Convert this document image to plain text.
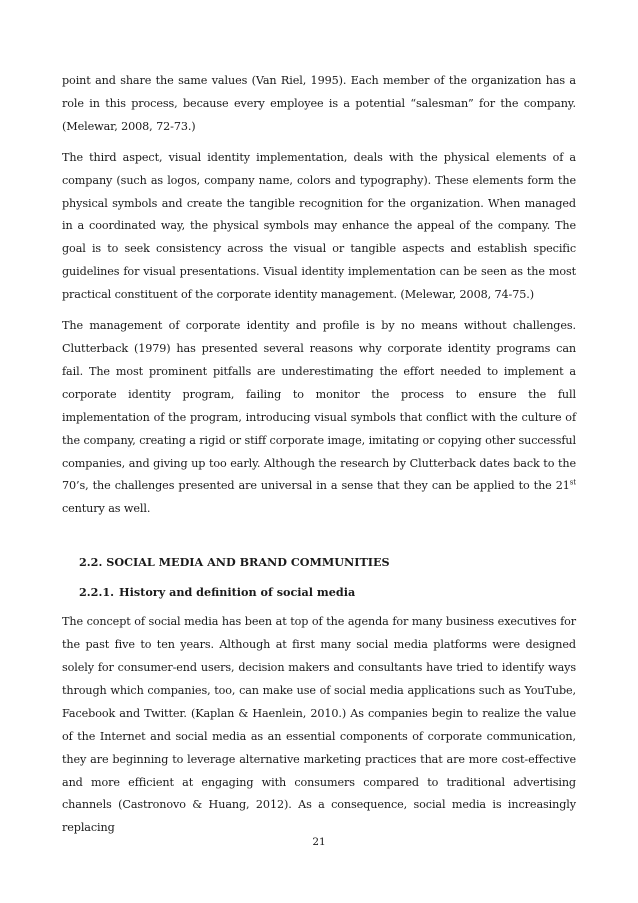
point and share the same values (Van Riel, 1995). Each member of the organization has a role in this process, because every employee is a potential “salesman” for the company. (Melewar, 2008, 72-73.)

The third aspect, visual identity implementation, deals with the physical elements of a company (such as logos, company name, colors and typography). These elements form the physical symbols and create the tangible recognition for the organization. When managed in a coordinated way, the physical symbols may enhance the appeal of the company. The goal is to seek consistency across the visual or tangible aspects and establish specific guidelines for visual presentations. Visual identity implementation can be seen as the most practical constituent of the corporate identity management. (Melewar, 2008, 74-75.)

The management of corporate identity and profile is by no means without challenges. Clutterback (1979) has presented several reasons why corporate identity programs can fail. The most prominent pitfalls are underestimating the effort needed to implement a corporate identity program, failing to monitor the process to ensure the full implementation of the program, introducing visual symbols that conflict with the culture of the company, creating a rigid or stiff corporate image, imitating or copying other successful companies, and giving up too early. Although the research by Clutterback dates back to the 70’s, the challenges presented are universal in a sense that they can be applied to the 21st century as well.

2.2. SOCIAL MEDIA AND BRAND COMMUNITIES
2.2.1. History and definition of social media

The concept of social media has been at top of the agenda for many business executives for the past five to ten years. Although at first many social media platforms were designed solely for consumer-end users, decision makers and consultants have tried to identify ways through which companies, too, can make use of social media applications such as YouTube, Facebook and Twitter. (Kaplan & Haenlein, 2010.) As companies begin to realize the value of the Internet and social media as an essential components of corporate communication, they are beginning to leverage alternative marketing practices that are more cost-effective and more efficient at engaging with consumers compared to traditional advertising channels (Castronovo & Huang, 2012). As a consequence, social media is increasingly replacing

21
